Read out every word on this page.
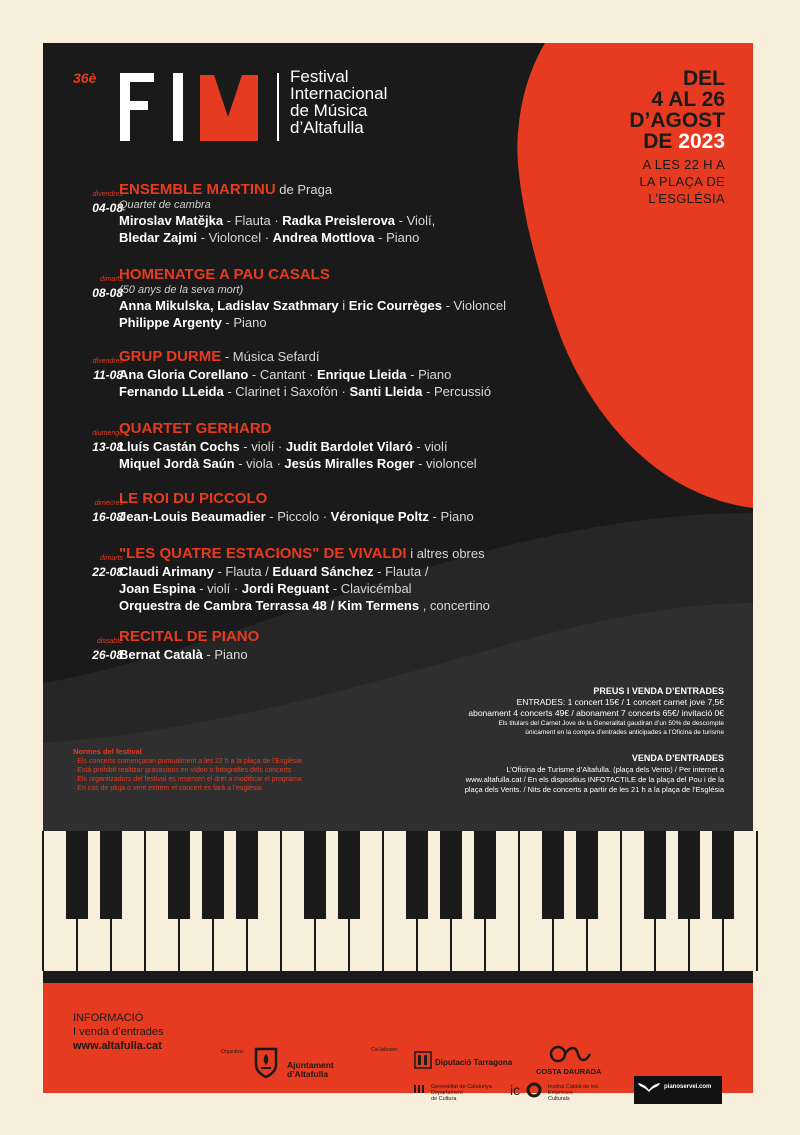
36è	Festival
Internacional
de Música
d’Altafulla
DEL
4 AL 26
D’AGOST
DE 2023
A LES 22 H A
LA PLAÇA DE
L’ESGLÉSIA
divendres
04-08
ENSEMBLE MARTINU de Praga
Quartet de cambra
Miroslav Matějka - Flauta · Radka Preislerova - Violí,
Bledar Zajmi - Violoncel · Andrea Mottlova - Piano
dimarts
08-08
HOMENATGE A PAU CASALS
(50 anys de la seva mort)
Anna Mikulska, Ladislav Szathmary i Eric Courrèges - Violoncel
Philippe Argenty - Piano
divendres
11-08
GRUP DURME - Música Sefardí
Ana Gloria Corellano - Cantant · Enrique Lleida - Piano
Fernando LLeida - Clarinet i Saxofón · Santi Lleida - Percussió
diumenge
13-08
QUARTET GERHARD
Lluís Castán Cochs - violí · Judit Bardolet Vilaró - violí
Miquel Jordà Saún - viola · Jesús Miralles Roger - violoncel
dimecres
16-08
LE ROI DU PICCOLO
Jean-Louis Beaumadier - Piccolo · Véronique Poltz - Piano
dimarts
22-08
"LES QUATRE ESTACIONS" DE VIVALDI i altres obres
Claudi Arimany - Flauta / Eduard Sánchez - Flauta /
Joan Espina - violí · Jordi Reguant - Clavicémbal
Orquestra de Cambra Terrassa 48 / Kim Termens , concertino
dissabte
26-08
RECITAL DE PIANO
Bernat Català - Piano
PREUS I VENDA D’ENTRADES
ENTRADES: 1 concert 15€ / 1 concert carnet jove 7,5€
abonament 4 concerts 49€ / abonament 7 concerts 65€/ invitació 0€
Els titulars del Carnet Jove de la Generalitat gaudiran d’un 50% de descompte
únicament en la compra d’entrades anticipades a l’Oficina de turisme
VENDA D’ENTRADES
L’Oficina de Turisme d’Altafulla. (plaça dels Vents) / Per internet a
www.altafulla.cat / En els dispositius INFOTACTILE de la plaça del Pou i de la
plaça dels Vents. / Nits de concerts a partir de les 21 h a la plaça de l’Església
Normes del festival
· Els concerts començaran puntualment a les 22 h a la plaça de l’Església
· Està prohibit realitzar gravacions en vídeo o fotografies dels concerts
· Els organitzadors del festival es reserven el dret a modificar el programa
· En cas de pluja o vent extrem el concert es farà a l’església
INFORMACIÓ
I venda d’entrades
www.altafulla.cat	Organitza:
Ajuntament
d’Altafulla
Col·laboren:
Diputació Tarragona
COSTA DAURADA
Generalitat de Catalunya
Departament
de Cultura
ic	Institut Català de les
Empreses
Culturals
pianoservei.com
